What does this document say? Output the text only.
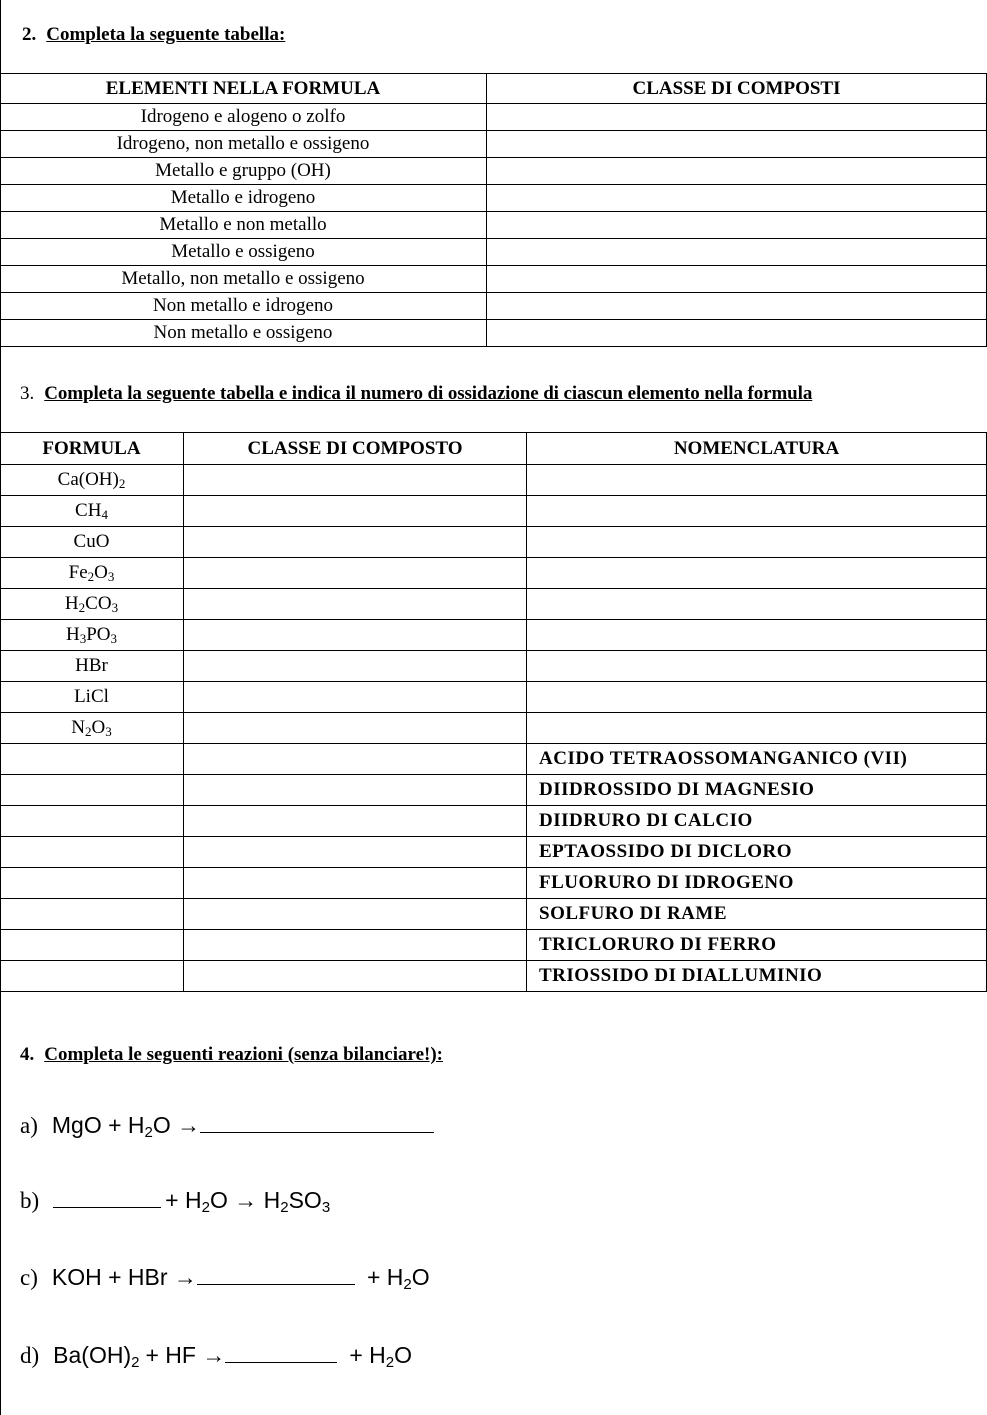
2. Completa la seguente tabella:
ELEMENTI NELLA FORMULA	CLASSE DI COMPOSTI
Idrogeno e alogeno o zolfo	
Idrogeno, non metallo e ossigeno	
Metallo e gruppo (OH)	
Metallo e idrogeno	
Metallo e non metallo	
Metallo e ossigeno	
Metallo, non metallo e ossigeno	
Non metallo e idrogeno	
Non metallo e ossigeno	
3. Completa la seguente tabella e indica il numero di ossidazione di ciascun elemento nella formula
FORMULA	CLASSE DI COMPOSTO	NOMENCLATURA
$Ca(OH)_2$		
$CH_4$		
CuO		
$Fe_2O_3$		
$H_2CO_3$		
$H_3PO_3$		
HBr		
LiCl		
$N_2O_3$		
		ACIDO TETRAOSSOMANGANICO (VII)
		DIIDROSSIDO DI MAGNESIO
		DIIDRURO DI CALCIO
		EPTAOSSIDO DI DICLORO
		FLUORURO DI IDROGENO
		SOLFURO DI RAME
		TRICLORURO DI FERRO
		TRIOSSIDO DI DIALLUMINIO
4. Completa le seguenti reazioni (senza bilanciare!):
a) MgO + $H_2O$ →
b)	+ $H_2O \to H_2SO_3$
c) KOH + HBr →	+ $H_2O$
d) $Ba(OH)_2$ + HF →	+ $H_2O$
